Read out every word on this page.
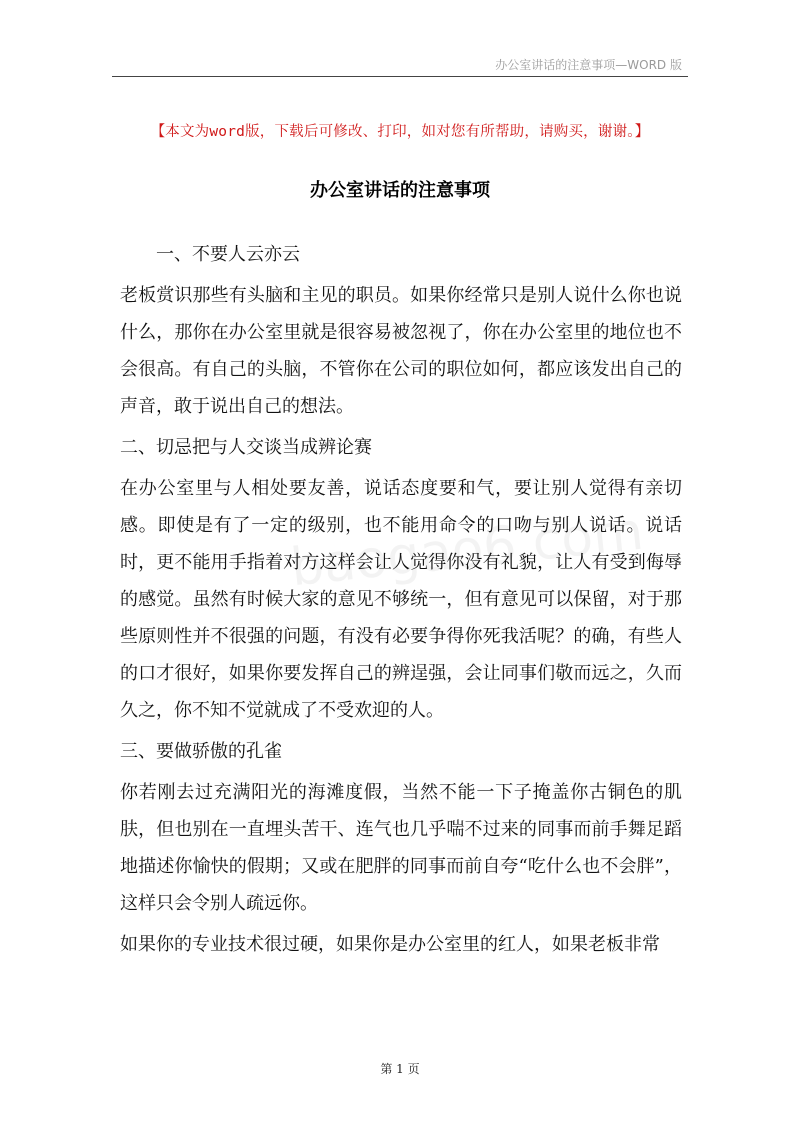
办公室讲话的注意事项—WORD 版
【本文为word版，下载后可修改、打印，如对您有所帮助，请购买，谢谢。】
办公室讲话的注意事项

一、不要人云亦云

老板赏识那些有头脑和主见的职员。如果你经常只是别人说什么你也说什么，那你在办公室里就是很容易被忽视了，你在办公室里的地位也不会很高。有自己的头脑，不管你在公司的职位如何，都应该发出自己的声音，敢于说出自己的想法。

二、切忌把与人交谈当成辨论赛

在办公室里与人相处要友善，说话态度要和气，要让别人觉得有亲切感。即使是有了一定的级别，也不能用命令的口吻与别人说话。说话时，更不能用手指着对方这样会让人觉得你没有礼貌，让人有受到侮辱的感觉。虽然有时候大家的意见不够统一，但有意见可以保留，对于那些原则性并不很强的问题，有没有必要争得你死我活呢？的确，有些人的口才很好，如果你要发挥自己的辨逞强，会让同事们敬而远之，久而久之，你不知不觉就成了不受欢迎的人。

三、要做骄傲的孔雀

你若刚去过充满阳光的海滩度假，当然不能一下子掩盖你古铜色的肌肤，但也别在一直埋头苦干、连气也几乎喘不过来的同事而前手舞足蹈地描述你愉快的假期；又或在肥胖的同事而前自夸“吃什么也不会胖”，这样只会令别人疏远你。

如果你的专业技术很过硬，如果你是办公室里的红人，如果老板非常

第 1 页
